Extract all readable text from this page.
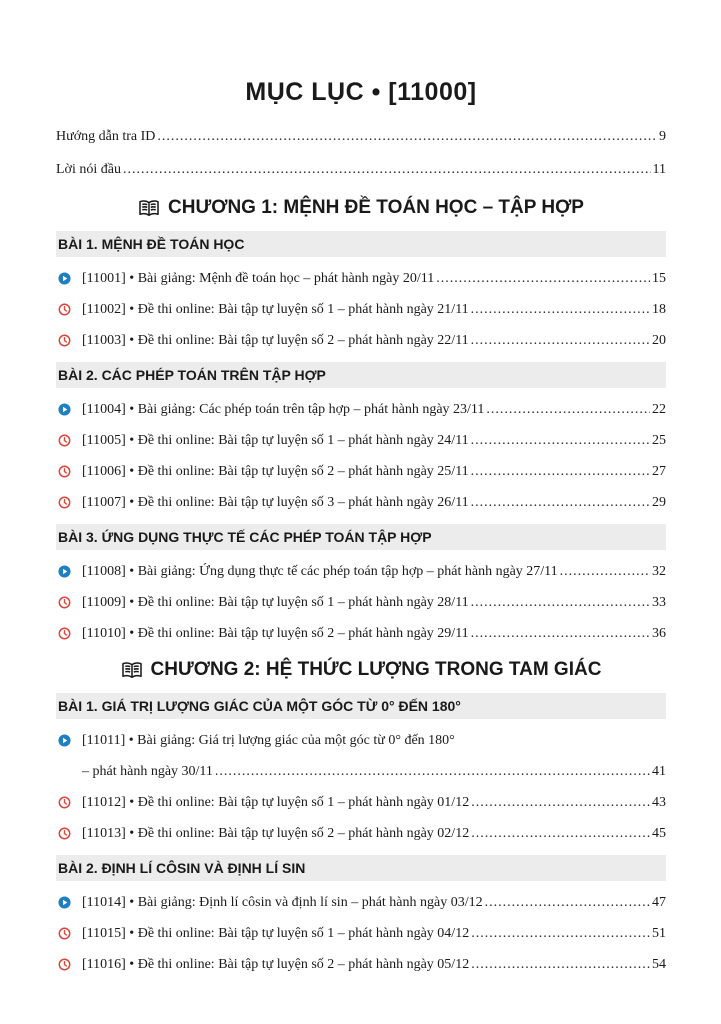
MỤC LỤC • [11000]
Hướng dẫn tra ID .....	9
Lời nói đầu .....	11
CHƯƠNG 1: MỆNH ĐỀ TOÁN HỌC – TẬP HỢP
BÀI 1. MỆNH ĐỀ TOÁN HỌC
[11001] • Bài giảng: Mệnh đề toán học – phát hành ngày 20/11 .....	15
[11002] • Đề thi online: Bài tập tự luyện số 1 – phát hành ngày 21/11 .....	18
[11003] • Đề thi online: Bài tập tự luyện số 2 – phát hành ngày 22/11 .....	20
BÀI 2. CÁC PHÉP TOÁN TRÊN TẬP HỢP
[11004] • Bài giảng: Các phép toán trên tập hợp – phát hành ngày 23/11 .....	22
[11005] • Đề thi online: Bài tập tự luyện số 1 – phát hành ngày 24/11 .....	25
[11006] • Đề thi online: Bài tập tự luyện số 2 – phát hành ngày 25/11 .....	27
[11007] • Đề thi online: Bài tập tự luyện số 3 – phát hành ngày 26/11 .....	29
BÀI 3. ỨNG DỤNG THỰC TẾ CÁC PHÉP TOÁN TẬP HỢP
[11008] • Bài giảng: Ứng dụng thực tế các phép toán tập hợp – phát hành ngày 27/11 .....	32
[11009] • Đề thi online: Bài tập tự luyện số 1 – phát hành ngày 28/11 .....	33
[11010] • Đề thi online: Bài tập tự luyện số 2 – phát hành ngày 29/11 .....	36
CHƯƠNG 2: HỆ THỨC LƯỢNG TRONG TAM GIÁC
BÀI 1. GIÁ TRỊ LƯỢNG GIÁC CỦA MỘT GÓC TỪ 0° ĐẾN 180°
[11011] • Bài giảng: Giá trị lượng giác của một góc từ 0° đến 180°
– phát hành ngày 30/11 .....	41
[11012] • Đề thi online: Bài tập tự luyện số 1 – phát hành ngày 01/12 .....	43
[11013] • Đề thi online: Bài tập tự luyện số 2 – phát hành ngày 02/12 .....	45
BÀI 2. ĐỊNH LÍ CÔSIN VÀ ĐỊNH LÍ SIN
[11014] • Bài giảng: Định lí côsin và định lí sin – phát hành ngày 03/12 .....	47
[11015] • Đề thi online: Bài tập tự luyện số 1 – phát hành ngày 04/12 .....	51
[11016] • Đề thi online: Bài tập tự luyện số 2 – phát hành ngày 05/12 .....	54
